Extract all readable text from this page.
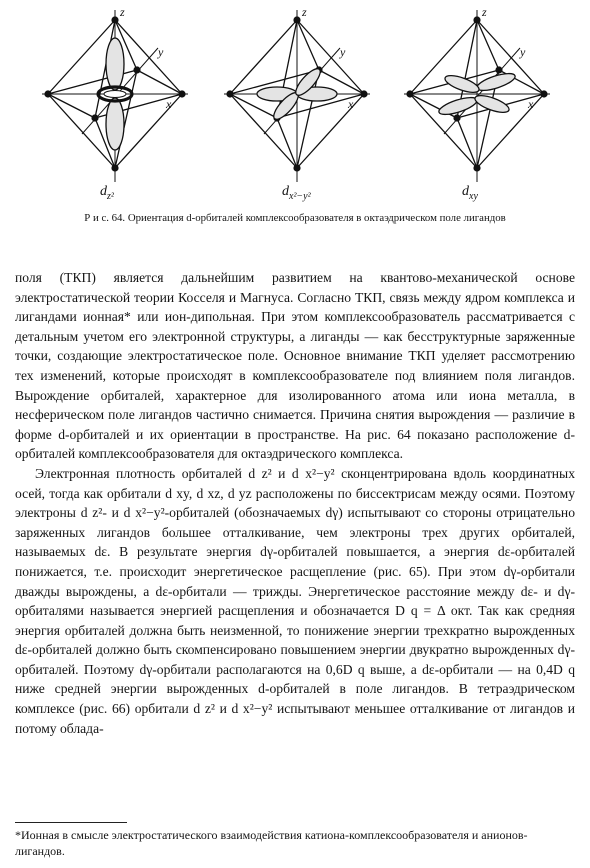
z
y
x
$d_{z^2}$
z
y
x
$d_{x^2-y^2}$
z
y
x
$d_{xy}$
Р и с. 64. Ориентация d-орбиталей комплексообразователя в октаэдрическом поле лигандов

поля (ТКП) является дальнейшим развитием на квантово-механической основе электростатической теории Косселя и Магнуса. Согласно ТКП, связь между ядром комплекса и лигандами ионная* или ион-дипольная. При этом комплексообразователь рассматривается с детальным учетом его электронной структуры, а лиганды — как бесструктурные заряженные точки, создающие электростатическое поле. Основное внимание ТКП уделяет рассмотрению тех изменений, которые происходят в комплексообразователе под влиянием поля лигандов. Вырождение орбиталей, характерное для изолированного атома или иона металла, в несферическом поле лигандов частично снимается. Причина снятия вырождения — различие в форме d-орбиталей и их ориентации в пространстве. На рис. 64 показано расположение d-орбиталей комплексообразователя для октаэдрического комплекса.

Электронная плотность орбиталей d z² и d x²−y² сконцентрирована вдоль координатных осей, тогда как орбитали d xy, d xz, d yz расположены по биссектрисам между осями. Поэтому электроны d z²- и d x²−y²-орбиталей (обозначаемых dγ) испытывают со стороны отрицательно заряженных лигандов большее отталкивание, чем электроны трех других орбиталей, называемых dε. В результате энергия dγ-орбиталей повышается, а энергия dε-орбиталей понижается, т.е. происходит энергетическое расщепление (рис. 65). При этом dγ-орбитали дважды вырождены, а dε-орбитали — трижды. Энергетическое расстояние между dε- и dγ-орбиталями называется энергией расщепления и обозначается D q = Δ окт. Так как средняя энергия орбиталей должна быть неизменной, то понижение энергии трехкратно вырожденных dε-орбиталей должно быть скомпенсировано повышением энергии двукратно вырожденных dγ-орбиталей. Поэтому dγ-орбитали располагаются на 0,6D q выше, а dε-орбитали — на 0,4D q ниже средней энергии вырожденных d-орбиталей в поле лигандов. В тетраэдрическом комплексе (рис. 66) орбитали d z² и d x²−y² испытывают меньшее отталкивание от лигандов и потому облада-

*Ионная в смысле электростатического взаимодействия катиона-комплексообразователя и анионов-лигандов.
